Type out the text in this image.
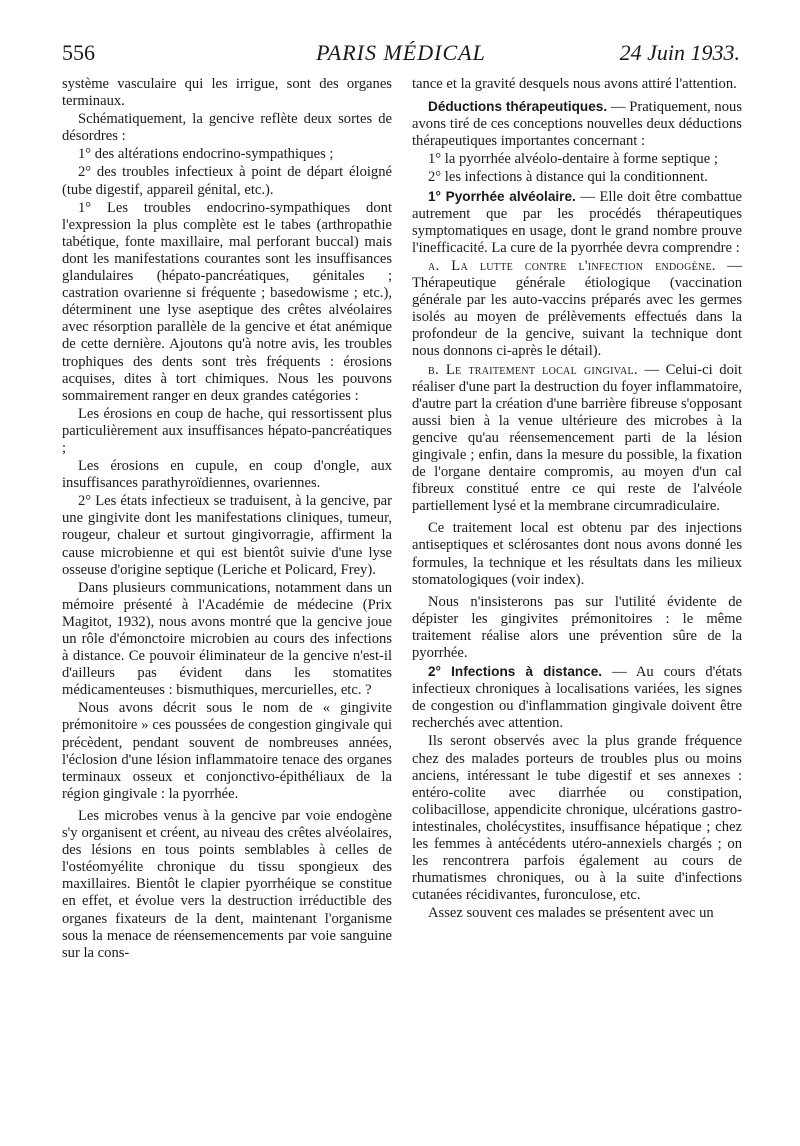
556	PARIS MÉDICAL	24 Juin 1933.

système vasculaire qui les irrigue, sont des organes terminaux.

Schématiquement, la gencive reflète deux sortes de désordres :

1° des altérations endocrino-sympathiques ;

2° des troubles infectieux à point de départ éloigné (tube digestif, appareil génital, etc.).

1° Les troubles endocrino-sympathiques dont l'expression la plus complète est le tabes (arthropathie tabétique, fonte maxillaire, mal perforant buccal) mais dont les manifestations courantes sont les insuffisances glandulaires (hépato-pancréatiques, génitales ; castration ovarienne si fréquente ; basedowisme ; etc.), déterminent une lyse aseptique des crêtes alvéolaires avec résorption parallèle de la gencive et état anémique de cette dernière. Ajoutons qu'à notre avis, les troubles trophiques des dents sont très fréquents : érosions acquises, dites à tort chimiques. Nous les pouvons sommairement ranger en deux grandes catégories :

Les érosions en coup de hache, qui ressortissent plus particulièrement aux insuffisances hépato-pancréatiques ;

Les érosions en cupule, en coup d'ongle, aux insuffisances parathyroïdiennes, ovariennes.

2° Les états infectieux se traduisent, à la gencive, par une gingivite dont les manifestations cliniques, tumeur, rougeur, chaleur et surtout gingivorragie, affirment la cause microbienne et qui est bientôt suivie d'une lyse osseuse d'origine septique (Leriche et Policard, Frey).

Dans plusieurs communications, notamment dans un mémoire présenté à l'Académie de médecine (Prix Magitot, 1932), nous avons montré que la gencive joue un rôle d'émonctoire microbien au cours des infections à distance. Ce pouvoir éliminateur de la gencive n'est-il d'ailleurs pas évident dans les stomatites médicamenteuses : bismuthiques, mercurielles, etc. ?

Nous avons décrit sous le nom de « gingivite prémonitoire » ces poussées de congestion gingivale qui précèdent, pendant souvent de nombreuses années, l'éclosion d'une lésion inflammatoire tenace des organes terminaux osseux et conjonctivo-épithéliaux de la région gingivale : la pyorrhée.

Les microbes venus à la gencive par voie endogène s'y organisent et créent, au niveau des crêtes alvéolaires, des lésions en tous points semblables à celles de l'ostéomyélite chronique du tissu spongieux des maxillaires. Bientôt le clapier pyorrhéique se constitue en effet, et évolue vers la destruction irréductible des organes fixateurs de la dent, maintenant l'organisme sous la menace de réensemencements par voie sanguine sur la cons-

tance et la gravité desquels nous avons attiré l'attention.

Déductions thérapeutiques. — Pratiquement, nous avons tiré de ces conceptions nouvelles deux déductions thérapeutiques importantes concernant :

1° la pyorrhée alvéolo-dentaire à forme septique ;

2° les infections à distance qui la conditionnent.

1° Pyorrhée alvéolaire. — Elle doit être combattue autrement que par les procédés thérapeutiques symptomatiques en usage, dont le grand nombre prouve l'inefficacité. La cure de la pyorrhée devra comprendre :

a. La lutte contre l'infection endogène. — Thérapeutique générale étiologique (vaccination générale par les auto-vaccins préparés avec les germes isolés au moyen de prélèvements effectués dans la profondeur de la gencive, suivant la technique dont nous donnons ci-après le détail).

b. Le traitement local gingival. — Celui-ci doit réaliser d'une part la destruction du foyer inflammatoire, d'autre part la création d'une barrière fibreuse s'opposant aussi bien à la venue ultérieure des microbes à la gencive qu'au réensemencement parti de la lésion gingivale ; enfin, dans la mesure du possible, la fixation de l'organe dentaire compromis, au moyen d'un cal fibreux constitué entre ce qui reste de l'alvéole partiellement lysé et la membrane circumradiculaire.

Ce traitement local est obtenu par des injections antiseptiques et sclérosantes dont nous avons donné les formules, la technique et les résultats dans les milieux stomatologiques (voir index).

Nous n'insisterons pas sur l'utilité évidente de dépister les gingivites prémonitoires : le même traitement réalise alors une prévention sûre de la pyorrhée.

2° Infections à distance. — Au cours d'états infectieux chroniques à localisations variées, les signes de congestion ou d'inflammation gingivale doivent être recherchés avec attention.

Ils seront observés avec la plus grande fréquence chez des malades porteurs de troubles plus ou moins anciens, intéressant le tube digestif et ses annexes : entéro-colite avec diarrhée ou constipation, colibacillose, appendicite chronique, ulcérations gastro-intestinales, cholécystites, insuffisance hépatique ; chez les femmes à antécédents utéro-annexiels chargés ; on les rencontrera parfois également au cours de rhumatismes chroniques, ou à la suite d'infections cutanées récidivantes, furonculose, etc.

Assez souvent ces malades se présentent avec un
